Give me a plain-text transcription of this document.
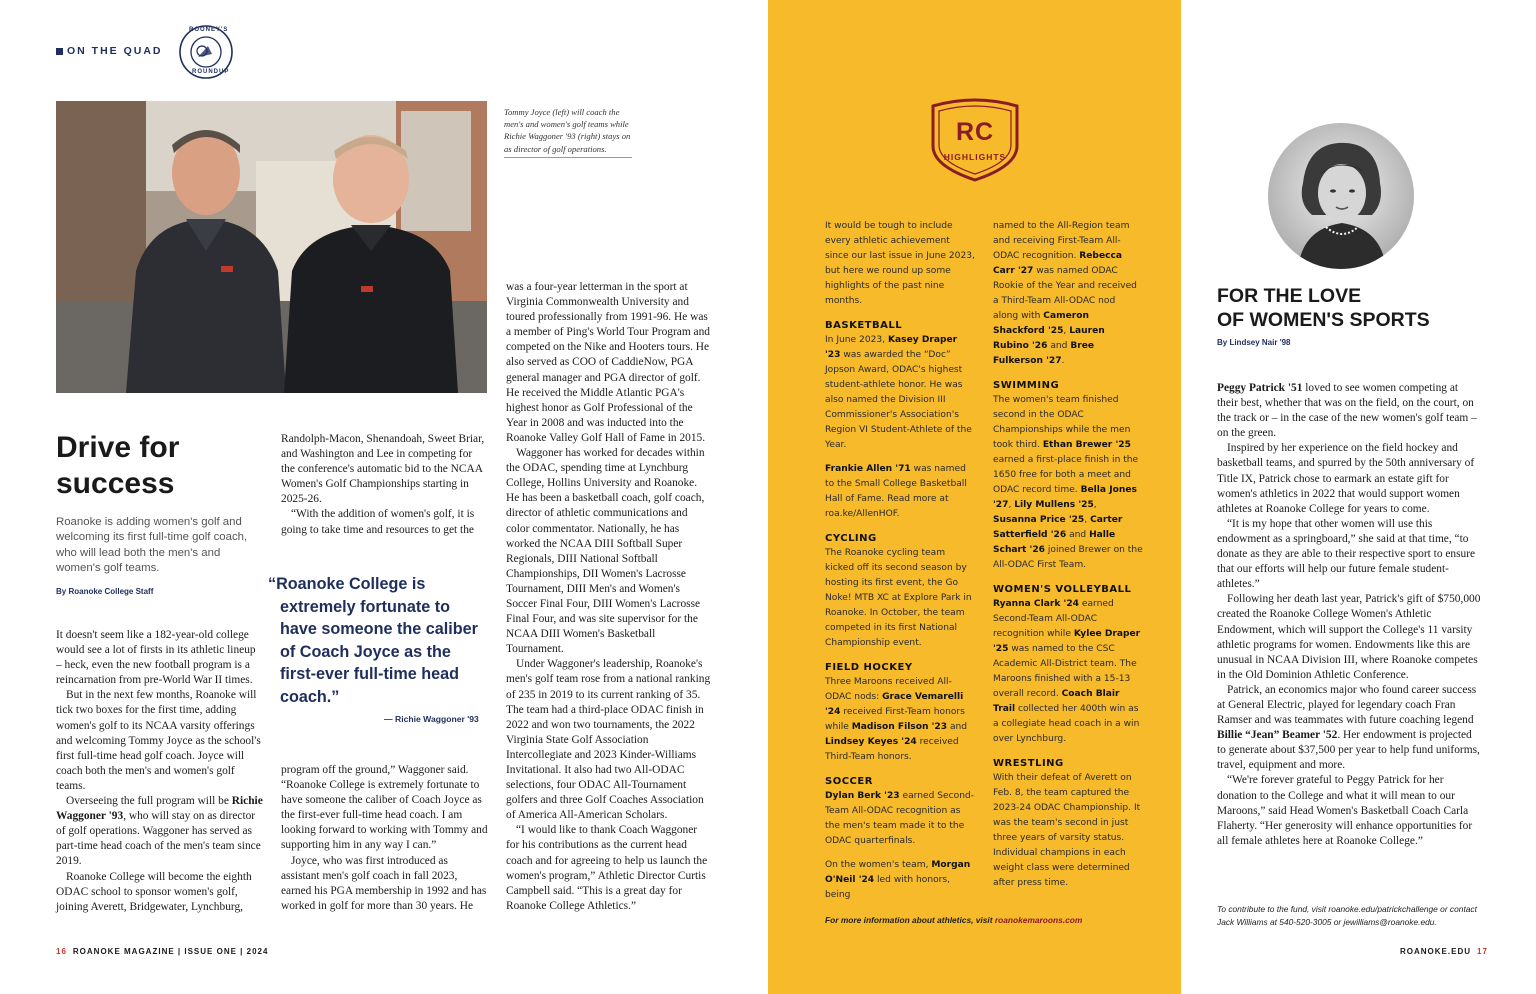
ON THE QUAD
ROONEY'S
ROUNDUP
Tommy Joyce (left) will coach the men's and women's golf teams while Richie Waggoner '93 (right) stays on as director of golf operations.
Drive for
success
Roanoke is adding women's golf and welcoming its first full-time golf coach, who will lead both the men's and women's golf teams.
By Roanoke College Staff

It doesn't seem like a 182-year-old college would see a lot of firsts in its athletic lineup – heck, even the new football program is a reincarnation from pre-World War II times.

But in the next few months, Roanoke will tick two boxes for the first time, adding women's golf to its NCAA varsity offerings and welcoming Tommy Joyce as the school's first full-time head golf coach. Joyce will coach both the men's and women's golf teams.

Overseeing the full program will be Richie Waggoner '93, who will stay on as director of golf operations. Waggoner has served as part-time head coach of the men's team since 2019.

Roanoke College will become the eighth ODAC school to sponsor women's golf, joining Averett, Bridgewater, Lynchburg,

Randolph-Macon, Shenandoah, Sweet Briar, and Washington and Lee in competing for the conference's automatic bid to the NCAA Women's Golf Championships starting in 2025-26.

“With the addition of women's golf, it is going to take time and resources to get the

“Roanoke College is extremely fortunate to have someone the caliber of Coach Joyce as the first-ever full-time head coach.”
— Richie Waggoner '93

program off the ground,” Waggoner said. “Roanoke College is extremely fortunate to have someone the caliber of Coach Joyce as the first-ever full-time head coach. I am looking forward to working with Tommy and supporting him in any way I can.”

Joyce, who was first introduced as assistant men's golf coach in fall 2023, earned his PGA membership in 1992 and has worked in golf for more than 30 years. He

was a four-year letterman in the sport at Virginia Commonwealth University and toured professionally from 1991-96. He was a member of Ping's World Tour Program and competed on the Nike and Hooters tours. He also served as COO of CaddieNow, PGA general manager and PGA director of golf. He received the Middle Atlantic PGA's highest honor as Golf Professional of the Year in 2008 and was inducted into the Roanoke Valley Golf Hall of Fame in 2015.

Waggoner has worked for decades within the ODAC, spending time at Lynchburg College, Hollins University and Roanoke. He has been a basketball coach, golf coach, director of athletic communications and color commentator. Nationally, he has worked the NCAA DIII Softball Super Regionals, DIII National Softball Championships, DII Women's Lacrosse Tournament, DIII Men's and Women's Soccer Final Four, DIII Women's Lacrosse Final Four, and was site supervisor for the NCAA DIII Women's Basketball Tournament.

Under Waggoner's leadership, Roanoke's men's golf team rose from a national ranking of 235 in 2019 to its current ranking of 35. The team had a third-place ODAC finish in 2022 and won two tournaments, the 2022 Virginia State Golf Association Intercollegiate and 2023 Kinder-Williams Invitational. It also had two All-ODAC selections, four ODAC All-Tournament golfers and three Golf Coaches Association of America All-American Scholars.

“I would like to thank Coach Waggoner for his contributions as the current head coach and for agreeing to help us launch the women's program,” Athletic Director Curtis Campbell said. “This is a great day for Roanoke College Athletics.”

16 ROANOKE MAGAZINE | ISSUE ONE | 2024
RC
HIGHLIGHTS

It would be tough to include every athletic achievement since our last issue in June 2023, but here we round up some highlights of the past nine months.

BASKETBALL

In June 2023, Kasey Draper '23 was awarded the “Doc” Jopson Award, ODAC's highest student-athlete honor. He was also named the Division III Commissioner's Association's Region VI Student-Athlete of the Year.

Frankie Allen '71 was named to the Small College Basketball Hall of Fame. Read more at roa.ke/AllenHOF.

CYCLING

The Roanoke cycling team kicked off its second season by hosting its first event, the Go Noke! MTB XC at Explore Park in Roanoke. In October, the team competed in its first National Championship event.

FIELD HOCKEY

Three Maroons received All-ODAC nods: Grace Vemarelli '24 received First-Team honors while Madison Filson '23 and Lindsey Keyes '24 received Third-Team honors.

SOCCER

Dylan Berk '23 earned Second-Team All-ODAC recognition as the men's team made it to the ODAC quarterfinals.

On the women's team, Morgan O'Neil '24 led with honors, being

named to the All-Region team and receiving First-Team All-ODAC recognition. Rebecca Carr '27 was named ODAC Rookie of the Year and received a Third-Team All-ODAC nod along with Cameron Shackford '25, Lauren Rubino '26 and Bree Fulkerson '27.

SWIMMING

The women's team finished second in the ODAC Championships while the men took third. Ethan Brewer '25 earned a first-place finish in the 1650 free for both a meet and ODAC record time. Bella Jones '27, Lily Mullens '25, Susanna Price '25, Carter Satterfield '26 and Halle Schart '26 joined Brewer on the All-ODAC First Team.

WOMEN'S VOLLEYBALL

Ryanna Clark '24 earned Second-Team All-ODAC recognition while Kylee Draper '25 was named to the CSC Academic All-District team. The Maroons finished with a 15-13 overall record. Coach Blair Trail collected her 400th win as a collegiate head coach in a win over Lynchburg.

WRESTLING

With their defeat of Averett on Feb. 8, the team captured the 2023-24 ODAC Championship. It was the team's second in just three years of varsity status. Individual champions in each weight class were determined after press time.

For more information about athletics, visit roanokemaroons.com
FOR THE LOVE
OF WOMEN'S SPORTS
By Lindsey Nair '98

Peggy Patrick '51 loved to see women competing at their best, whether that was on the field, on the court, on the track or – in the case of the new women's golf team – on the green.

Inspired by her experience on the field hockey and basketball teams, and spurred by the 50th anniversary of Title IX, Patrick chose to earmark an estate gift for women's athletics in 2022 that would support women athletes at Roanoke College for years to come.

“It is my hope that other women will use this endowment as a springboard,” she said at that time, “to donate as they are able to their respective sport to ensure that our efforts will help our future female student-athletes.”

Following her death last year, Patrick's gift of $750,000 created the Roanoke College Women's Athletic Endowment, which will support the College's 11 varsity athletic programs for women. Endowments like this are unusual in NCAA Division III, where Roanoke competes in the Old Dominion Athletic Conference.

Patrick, an economics major who found career success at General Electric, played for legendary coach Fran Ramser and was teammates with future coaching legend Billie “Jean” Beamer '52. Her endowment is projected to generate about $37,500 per year to help fund uniforms, travel, equipment and more.

“We're forever grateful to Peggy Patrick for her donation to the College and what it will mean to our Maroons,” said Head Women's Basketball Coach Carla Flaherty. “Her generosity will enhance opportunities for all female athletes here at Roanoke College.”

To contribute to the fund, visit roanoke.edu/patrickchallenge or contact Jack Williams at 540-520-3005 or jewilliams@roanoke.edu.
ROANOKE.EDU 17
